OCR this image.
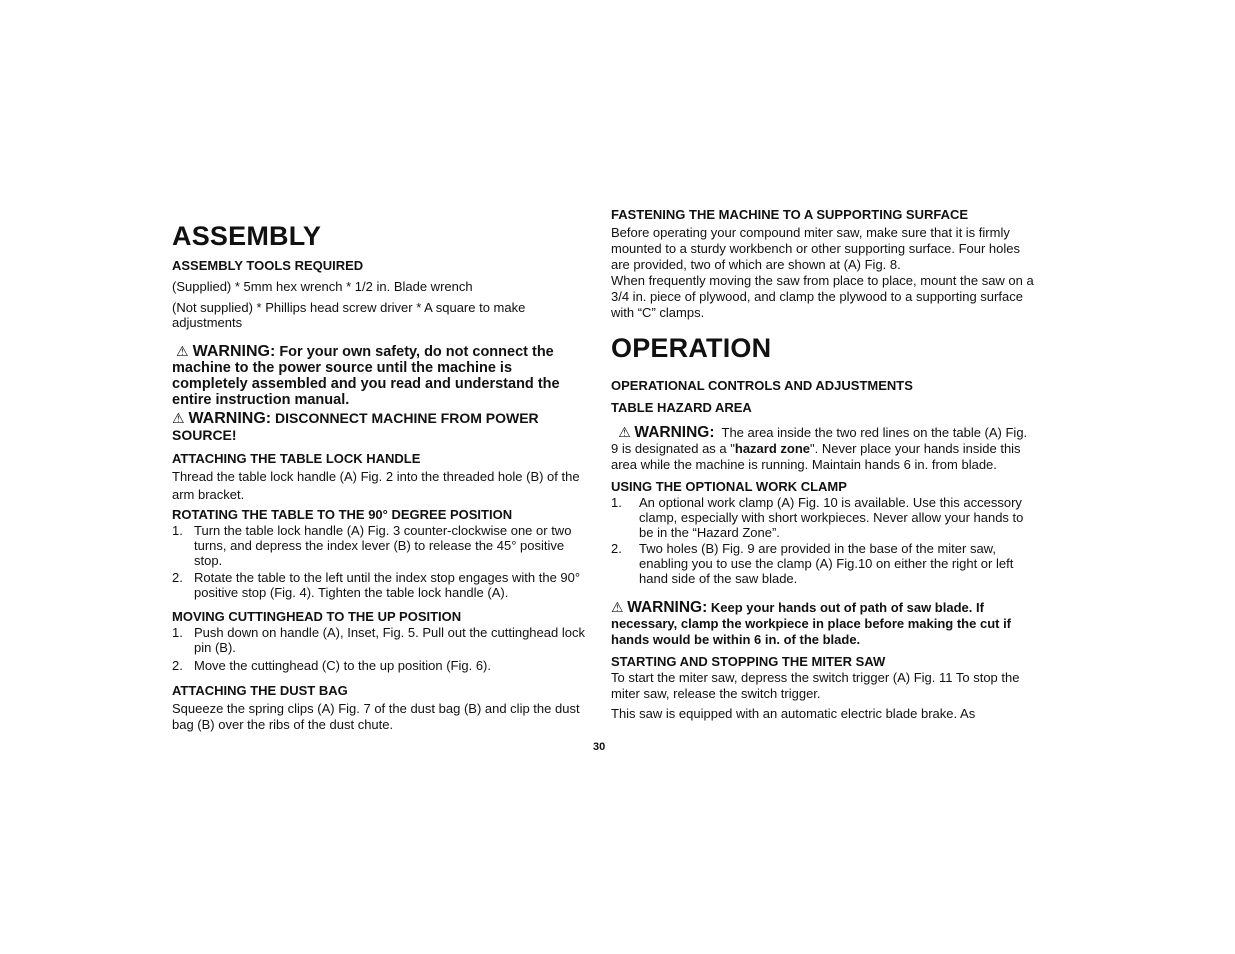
ASSEMBLY
ASSEMBLY TOOLS REQUIRED

(Supplied) * 5mm hex wrench * 1/2 in. Blade wrench

(Not supplied) * Phillips head screw driver * A square to make adjustments

⚠ WARNING: For your own safety, do not connect the machine to the power source until the machine is completely assembled and you read and understand the entire instruction manual.

⚠ WARNING: DISCONNECT MACHINE FROM POWER SOURCE!

ATTACHING THE TABLE LOCK HANDLE

Thread the table lock handle (A) Fig. 2 into the threaded hole (B) of the arm bracket.

ROTATING THE TABLE TO THE 90° DEGREE POSITION
1. Turn the table lock handle (A) Fig. 3 counter-clockwise one or two turns, and depress the index lever (B) to release the 45° positive stop.
2. Rotate the table to the left until the index stop engages with the 90° positive stop (Fig. 4). Tighten the table lock handle (A).
MOVING CUTTINGHEAD TO THE UP POSITION
1. Push down on handle (A), Inset, Fig. 5. Pull out the cuttinghead lock pin (B).
2. Move the cuttinghead (C) to the up position (Fig. 6).
ATTACHING THE DUST BAG

Squeeze the spring clips (A) Fig. 7 of the dust bag (B) and clip the dust bag (B) over the ribs of the dust chute.

FASTENING THE MACHINE TO A SUPPORTING SURFACE

Before operating your compound miter saw, make sure that it is firmly mounted to a sturdy workbench or other supporting surface. Four holes are provided, two of which are shown at (A) Fig. 8.

When frequently moving the saw from place to place, mount the saw on a 3/4 in. piece of plywood, and clamp the plywood to a supporting surface with “C” clamps.

OPERATION
OPERATIONAL CONTROLS AND ADJUSTMENTS
TABLE HAZARD AREA

⚠ WARNING: The area inside the two red lines on the table (A) Fig. 9 is designated as a "hazard zone". Never place your hands inside this area while the machine is running. Maintain hands 6 in. from blade.

USING THE OPTIONAL WORK CLAMP
1. An optional work clamp (A) Fig. 10 is available. Use this accessory clamp, especially with short workpieces. Never allow your hands to be in the “Hazard Zone”.
2. Two holes (B) Fig. 9 are provided in the base of the miter saw, enabling you to use the clamp (A) Fig.10 on either the right or left hand side of the saw blade.

⚠ WARNING: Keep your hands out of path of saw blade. If necessary, clamp the workpiece in place before making the cut if hands would be within 6 in. of the blade.

STARTING AND STOPPING THE MITER SAW

To start the miter saw, depress the switch trigger (A) Fig. 11 To stop the miter saw, release the switch trigger.

This saw is equipped with an automatic electric blade brake. As

30
